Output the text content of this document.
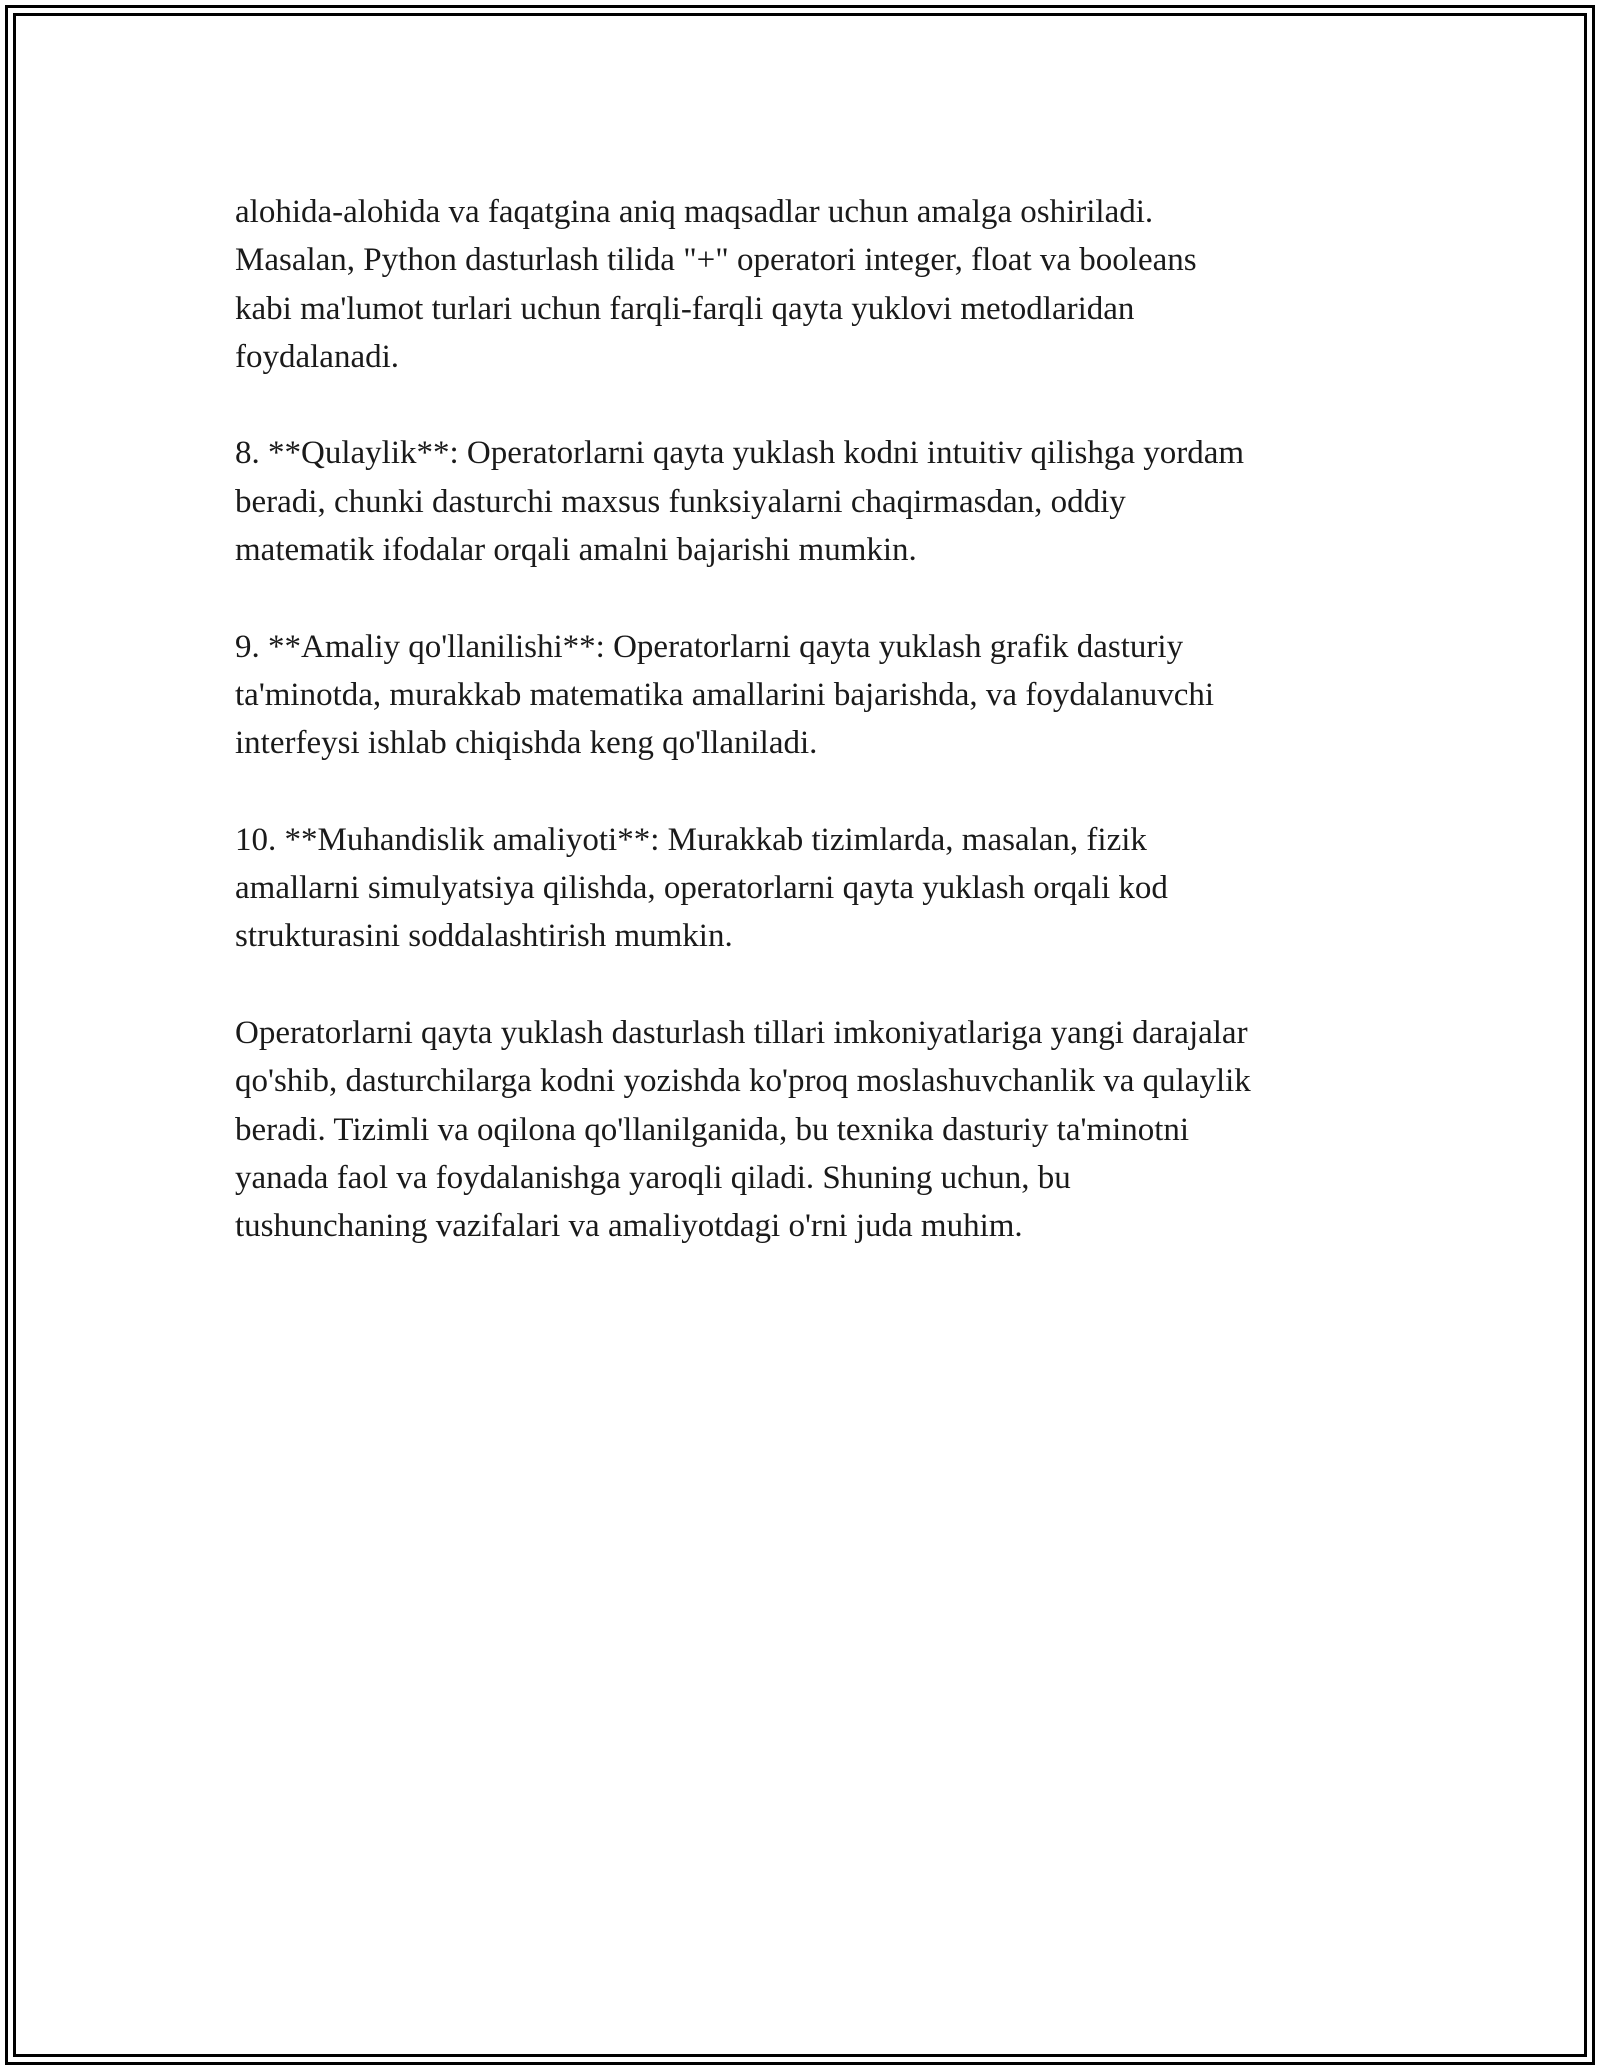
alohida-alohida va faqatgina aniq maqsadlar uchun amalga oshiriladi.
Masalan, Python dasturlash tilida "+" operatori integer, float va booleans
kabi ma'lumot turlari uchun farqli-farqli qayta yuklovi metodlaridan
foydalanadi.
8. **Qulaylik**: Operatorlarni qayta yuklash kodni intuitiv qilishga yordam
beradi, chunki dasturchi maxsus funksiyalarni chaqirmasdan, oddiy
matematik ifodalar orqali amalni bajarishi mumkin.
9. **Amaliy qo'llanilishi**: Operatorlarni qayta yuklash grafik dasturiy
ta'minotda, murakkab matematika amallarini bajarishda, va foydalanuvchi
interfeysi ishlab chiqishda keng qo'llaniladi.
10. **Muhandislik amaliyoti**: Murakkab tizimlarda, masalan, fizik
amallarni simulyatsiya qilishda, operatorlarni qayta yuklash orqali kod
strukturasini soddalashtirish mumkin.
Operatorlarni qayta yuklash dasturlash tillari imkoniyatlariga yangi darajalar
qo'shib, dasturchilarga kodni yozishda ko'proq moslashuvchanlik va qulaylik
beradi. Tizimli va oqilona qo'llanilganida, bu texnika dasturiy ta'minotni
yanada faol va foydalanishga yaroqli qiladi. Shuning uchun, bu
tushunchaning vazifalari va amaliyotdagi o'rni juda muhim.
